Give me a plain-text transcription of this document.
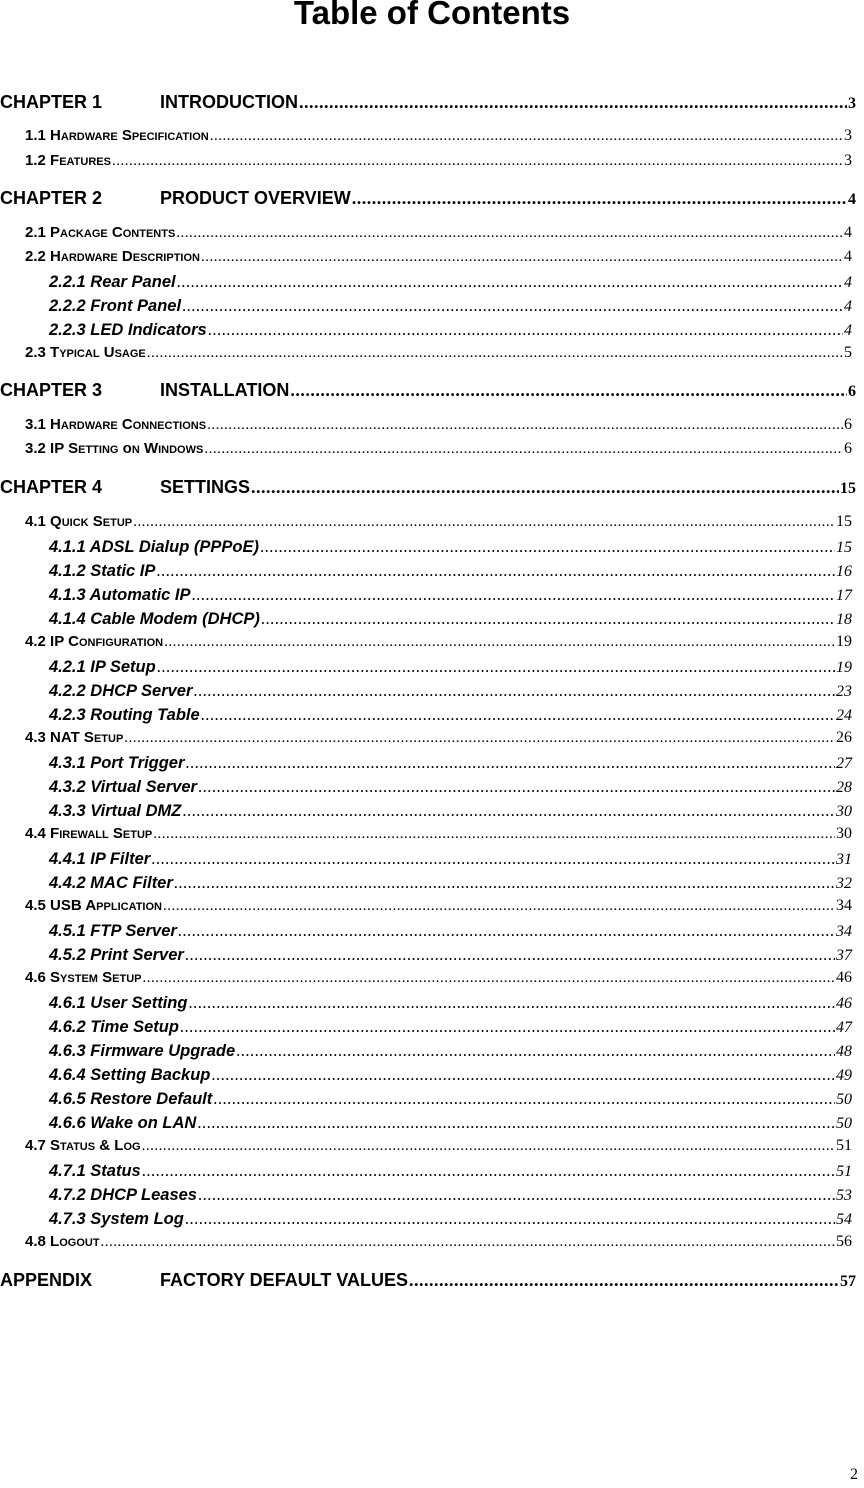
Table of Contents
CHAPTER 1	INTRODUCTION .....	3
1.1 HARDWARE SPECIFICATION .....	3
1.2 FEATURES .....	3
CHAPTER 2	PRODUCT OVERVIEW .....	4
2.1 PACKAGE CONTENTS .....	4
2.2 HARDWARE DESCRIPTION .....	4
2.2.1 Rear Panel .....	4
2.2.2 Front Panel .....	4
2.2.3 LED Indicators .....	4
2.3 TYPICAL USAGE .....	5
CHAPTER 3	INSTALLATION .....	6
3.1 HARDWARE CONNECTIONS .....	6
3.2 IP SETTING oN WINDOWS .....	6
CHAPTER 4	SETTINGS .....	15
4.1 QUICK SETUP .....	15
4.1.1 ADSL Dialup (PPPoE) .....	15
4.1.2 Static IP .....	16
4.1.3 Automatic IP .....	17
4.1.4 Cable Modem (DHCP) .....	18
4.2 IP CONFIGURATION .....	19
4.2.1 IP Setup .....	19
4.2.2 DHCP Server .....	23
4.2.3 Routing Table .....	24
4.3 NAT SETUP .....	26
4.3.1 Port Trigger .....	27
4.3.2 Virtual Server .....	28
4.3.3 Virtual DMZ .....	30
4.4 FIREWALL SETUP .....	30
4.4.1 IP Filter .....	31
4.4.2 MAC Filter .....	32
4.5 USB APPLICATION .....	34
4.5.1 FTP Server .....	34
4.5.2 Print Server .....	37
4.6 SYSTEM SETUP .....	46
4.6.1 User Setting .....	46
4.6.2 Time Setup .....	47
4.6.3 Firmware Upgrade .....	48
4.6.4 Setting Backup .....	49
4.6.5 Restore Default .....	50
4.6.6 Wake on LAN .....	50
4.7 STATUS & LOG .....	51
4.7.1 Status .....	51
4.7.2 DHCP Leases .....	53
4.7.3 System Log .....	54
4.8 LOGOUT .....	56
APPENDIX	FACTORY DEFAULT VALUES .....	57
2
